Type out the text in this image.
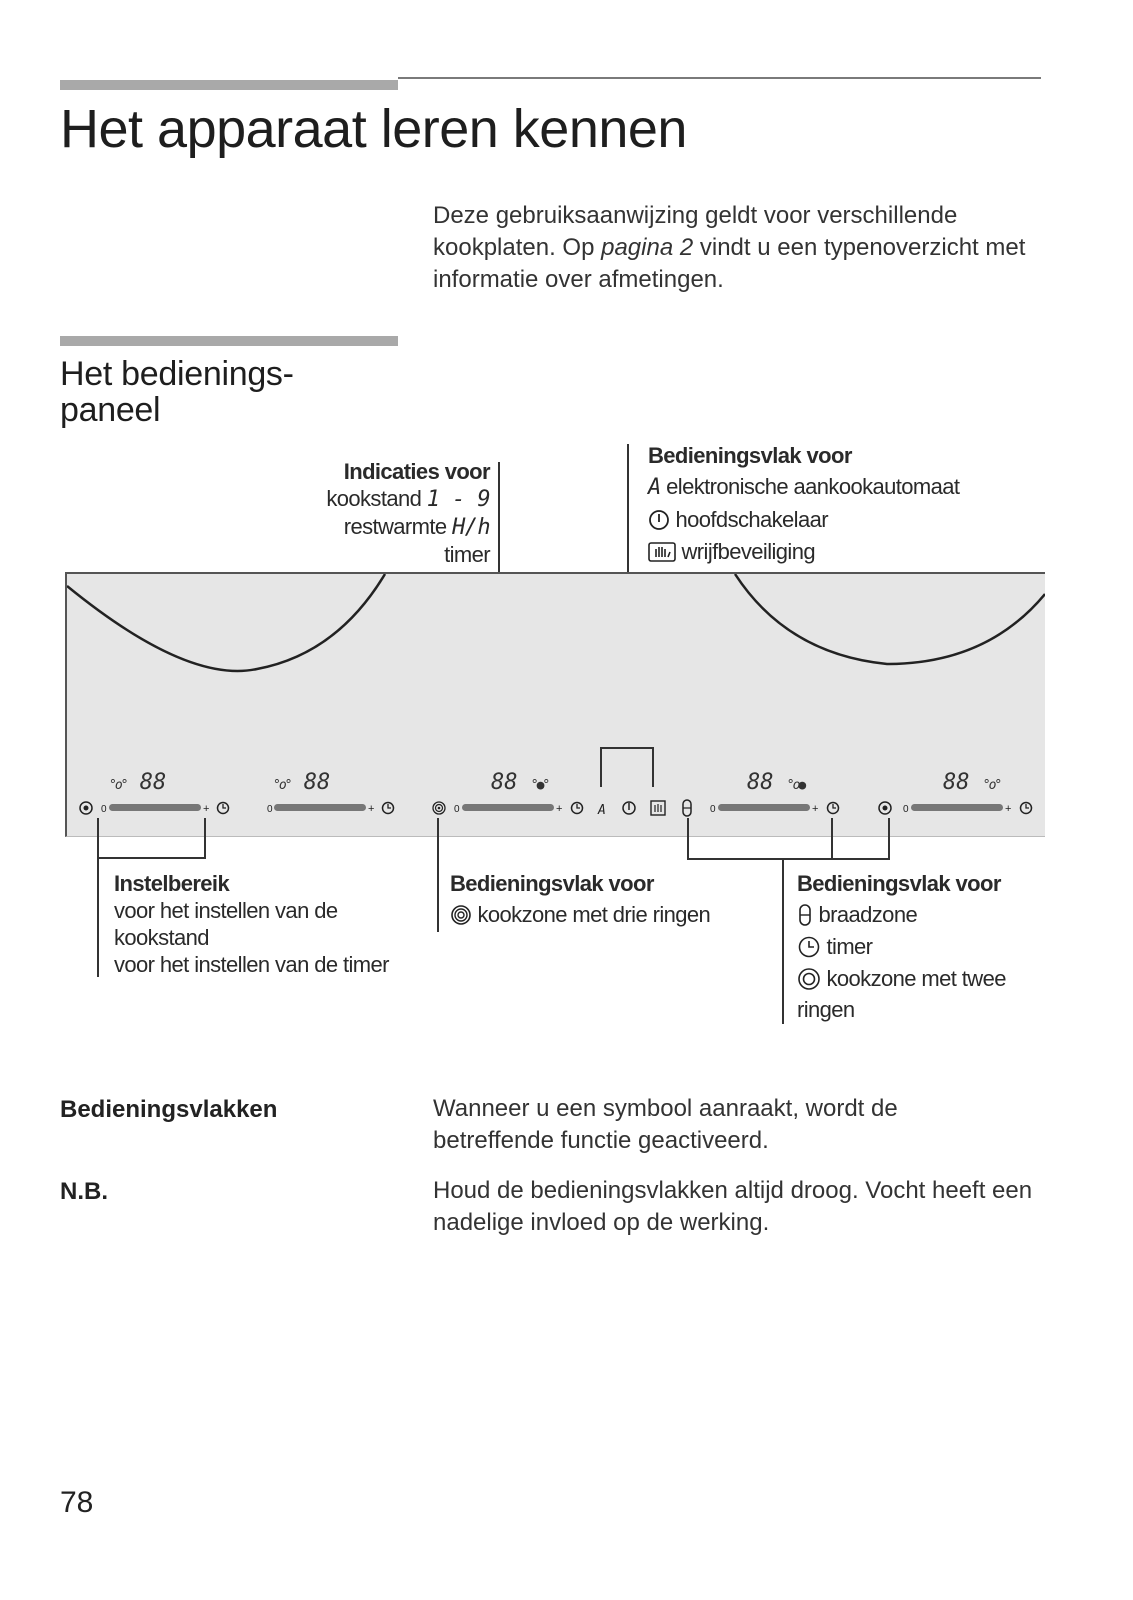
Het apparaat leren kennen
Deze gebruiksaanwijzing geldt voor verschillende kookplaten. Op pagina 2 vindt u een typenoverzicht met informatie over afmetingen.
Het bedienings-
paneel
Indicaties voor
kookstand 1 - 9
restwarmte H/h
timer
Bedieningsvlak voor
A elektronische aankookautomaat
hoofdschakelaar
wrijfbeveiliging
°o° 88	°o° 88	88 °●°	88 °o●	88 °o°
0	+	0	+	0	+	A	0	+	0	+
Instelbereik
voor het instellen van de
kookstand
voor het instellen van de timer
Bedieningsvlak voor
kookzone met drie ringen
Bedieningsvlak voor
braadzone
timer
kookzone met twee
ringen
Bedieningsvlakken	Wanneer u een symbool aanraakt, wordt de betreffende functie geactiveerd.
N.B.	Houd de bedieningsvlakken altijd droog. Vocht heeft een nadelige invloed op de werking.
78
